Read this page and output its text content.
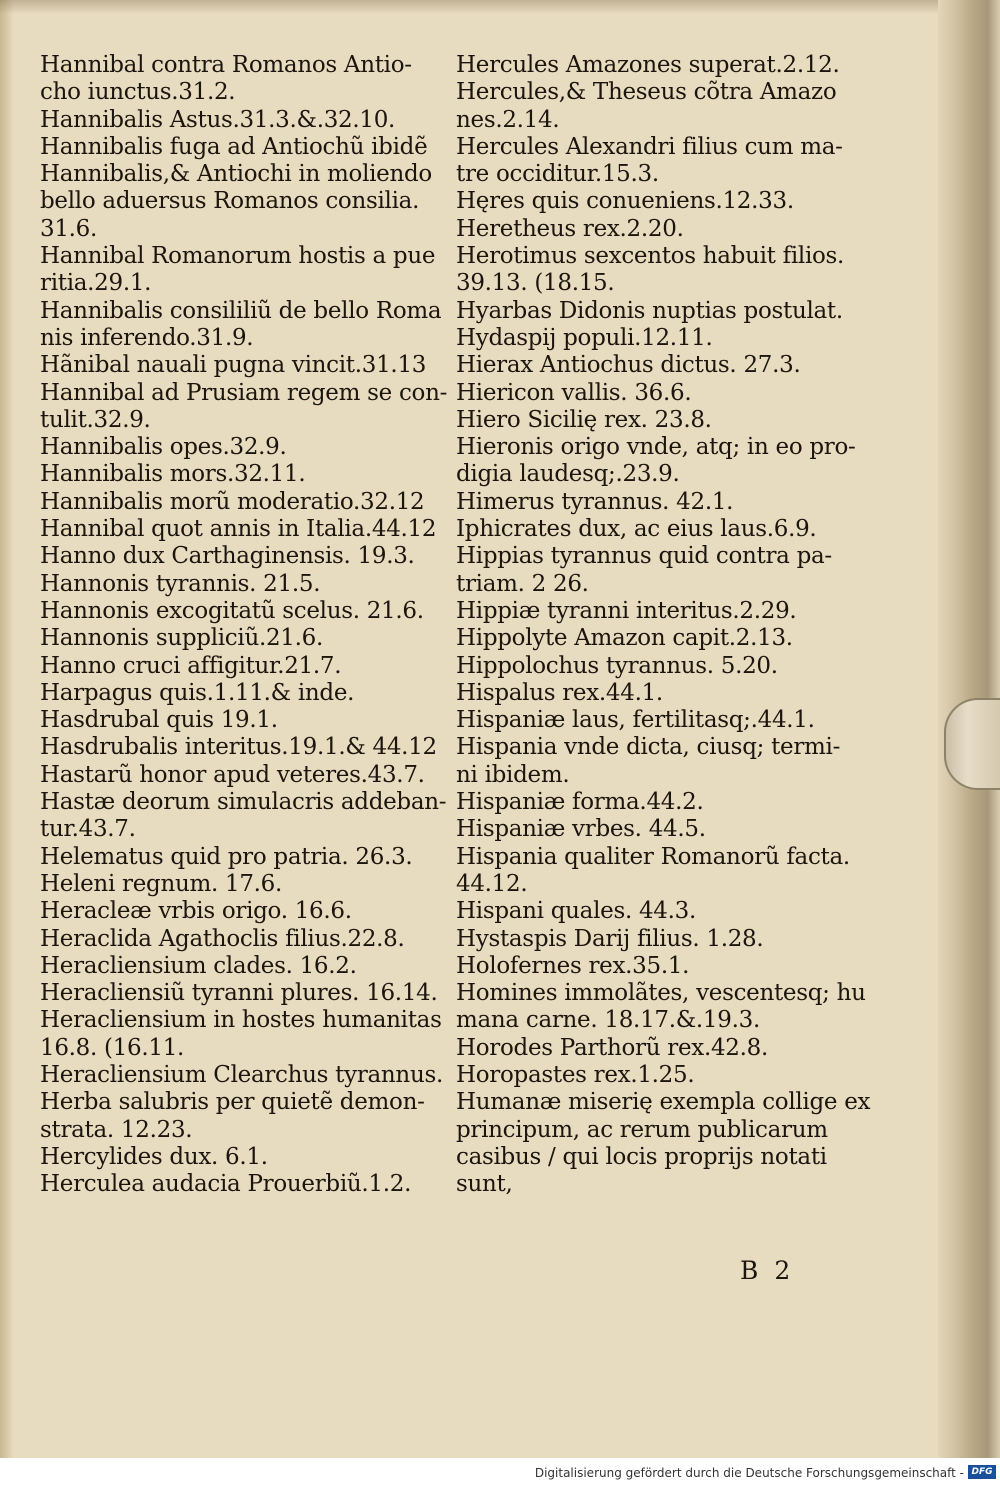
Hannibal contra Romanos Antio-
cho iunctus.31.2.
Hannibalis Astus.31.3.&.32.10.
Hannibalis fuga ad Antiochũ ibidẽ
Hannibalis,& Antiochi in moliendo
bello aduersus Romanos consilia.
31.6.
Hannibal Romanorum hostis a pue
ritia.29.1.
Hannibalis consililiũ de bello Roma
nis inferendo.31.9.
Hãnibal nauali pugna vincit.31.13
Hannibal ad Prusiam regem se con-
tulit.32.9.
Hannibalis opes.32.9.
Hannibalis mors.32.11.
Hannibalis morũ moderatio.32.12
Hannibal quot annis in Italia.44.12
Hanno dux Carthaginensis. 19.3.
Hannonis tyrannis. 21.5.
Hannonis excogitatũ scelus. 21.6.
Hannonis suppliciũ.21.6.
Hanno cruci affigitur.21.7.
Harpagus quis.1.11.& inde.
Hasdrubal quis 19.1.
Hasdrubalis interitus.19.1.& 44.12
Hastarũ honor apud veteres.43.7.
Hastæ deorum simulacris addeban-
tur.43.7.
Helematus quid pro patria. 26.3.
Heleni regnum. 17.6.
Heracleæ vrbis origo. 16.6.
Heraclida Agathoclis filius.22.8.
Heracliensium clades. 16.2.
Heracliensiũ tyranni plures. 16.14.
Heracliensium in hostes humanitas
16.8. (16.11.
Heracliensium Clearchus tyrannus.
Herba salubris per quietẽ demon-
strata. 12.23.
Hercylides dux. 6.1.
Herculea audacia Prouerbiũ.1.2.
Hercules Amazones superat.2.12.
Hercules,& Theseus cõtra Amazo
nes.2.14.
Hercules Alexandri filius cum ma-
tre occiditur.15.3.
Hęres quis conueniens.12.33.
Heretheus rex.2.20.
Herotimus sexcentos habuit filios.
39.13. (18.15.
Hyarbas Didonis nuptias postulat.
Hydaspij populi.12.11.
Hierax Antiochus dictus. 27.3.
Hiericon vallis. 36.6.
Hiero Sicilię rex. 23.8.
Hieronis origo vnde, atq; in eo pro-
digia laudesq;.23.9.
Himerus tyrannus. 42.1.
Iphicrates dux, ac eius laus.6.9.
Hippias tyrannus quid contra pa-
triam. 2 26.
Hippiæ tyranni interitus.2.29.
Hippolyte Amazon capit.2.13.
Hippolochus tyrannus. 5.20.
Hispalus rex.44.1.
Hispaniæ laus, fertilitasq;.44.1.
Hispania vnde dicta, ciusq; termi-
ni ibidem.
Hispaniæ forma.44.2.
Hispaniæ vrbes. 44.5.
Hispania qualiter Romanorũ facta.
44.12.
Hispani quales. 44.3.
Hystaspis Darij filius. 1.28.
Holofernes rex.35.1.
Homines immolãtes, vescentesq; hu
mana carne. 18.17.&.19.3.
Horodes Parthorũ rex.42.8.
Horopastes rex.1.25.
Humanæ miserię exempla collige ex
principum, ac rerum publicarum
casibus / qui locis proprijs notati
sunt,
B 2
Digitalisierung gefördert durch die Deutsche Forschungsgemeinschaft - DFG
